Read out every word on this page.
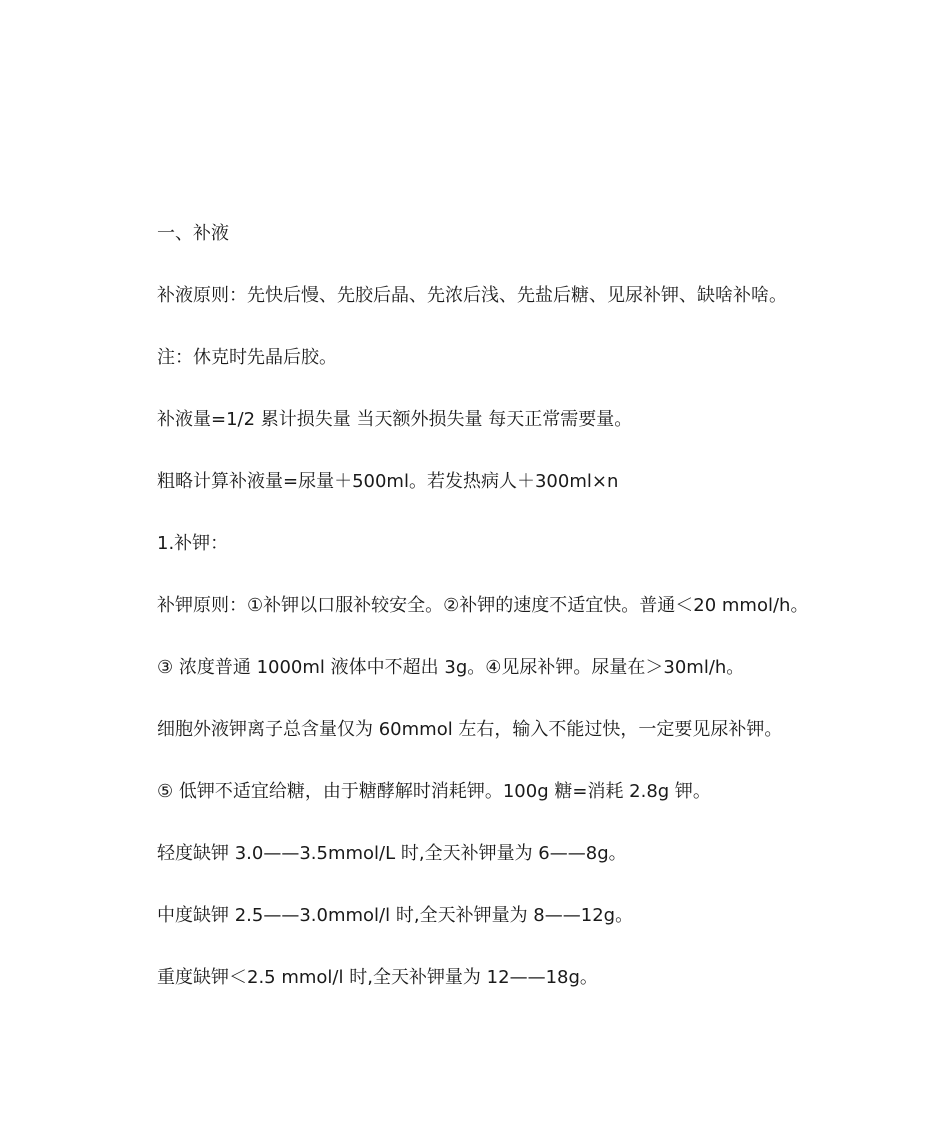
一、补液
补液原则：先快后慢、先胶后晶、先浓后浅、先盐后糖、见尿补钾、缺啥补啥。
注：休克时先晶后胶。
补液量=1/2 累计损失量 当天额外损失量 每天正常需要量。
粗略计算补液量=尿量＋500ml。若发热病人＋300ml×n
1.补钾：
补钾原则：①补钾以口服补较安全。②补钾的速度不适宜快。普通＜20 mmol/h。
③ 浓度普通 1000ml 液体中不超出 3g。④见尿补钾。尿量在＞30ml/h。
细胞外液钾离子总含量仅为 60mmol 左右，输入不能过快，一定要见尿补钾。
⑤ 低钾不适宜给糖，由于糖酵解时消耗钾。100g 糖=消耗 2.8g 钾。
轻度缺钾 3.0——3.5mmol/L 时,全天补钾量为 6——8g。
中度缺钾 2.5——3.0mmol/l 时,全天补钾量为 8——12g。
重度缺钾＜2.5 mmol/l 时,全天补钾量为 12——18g。
